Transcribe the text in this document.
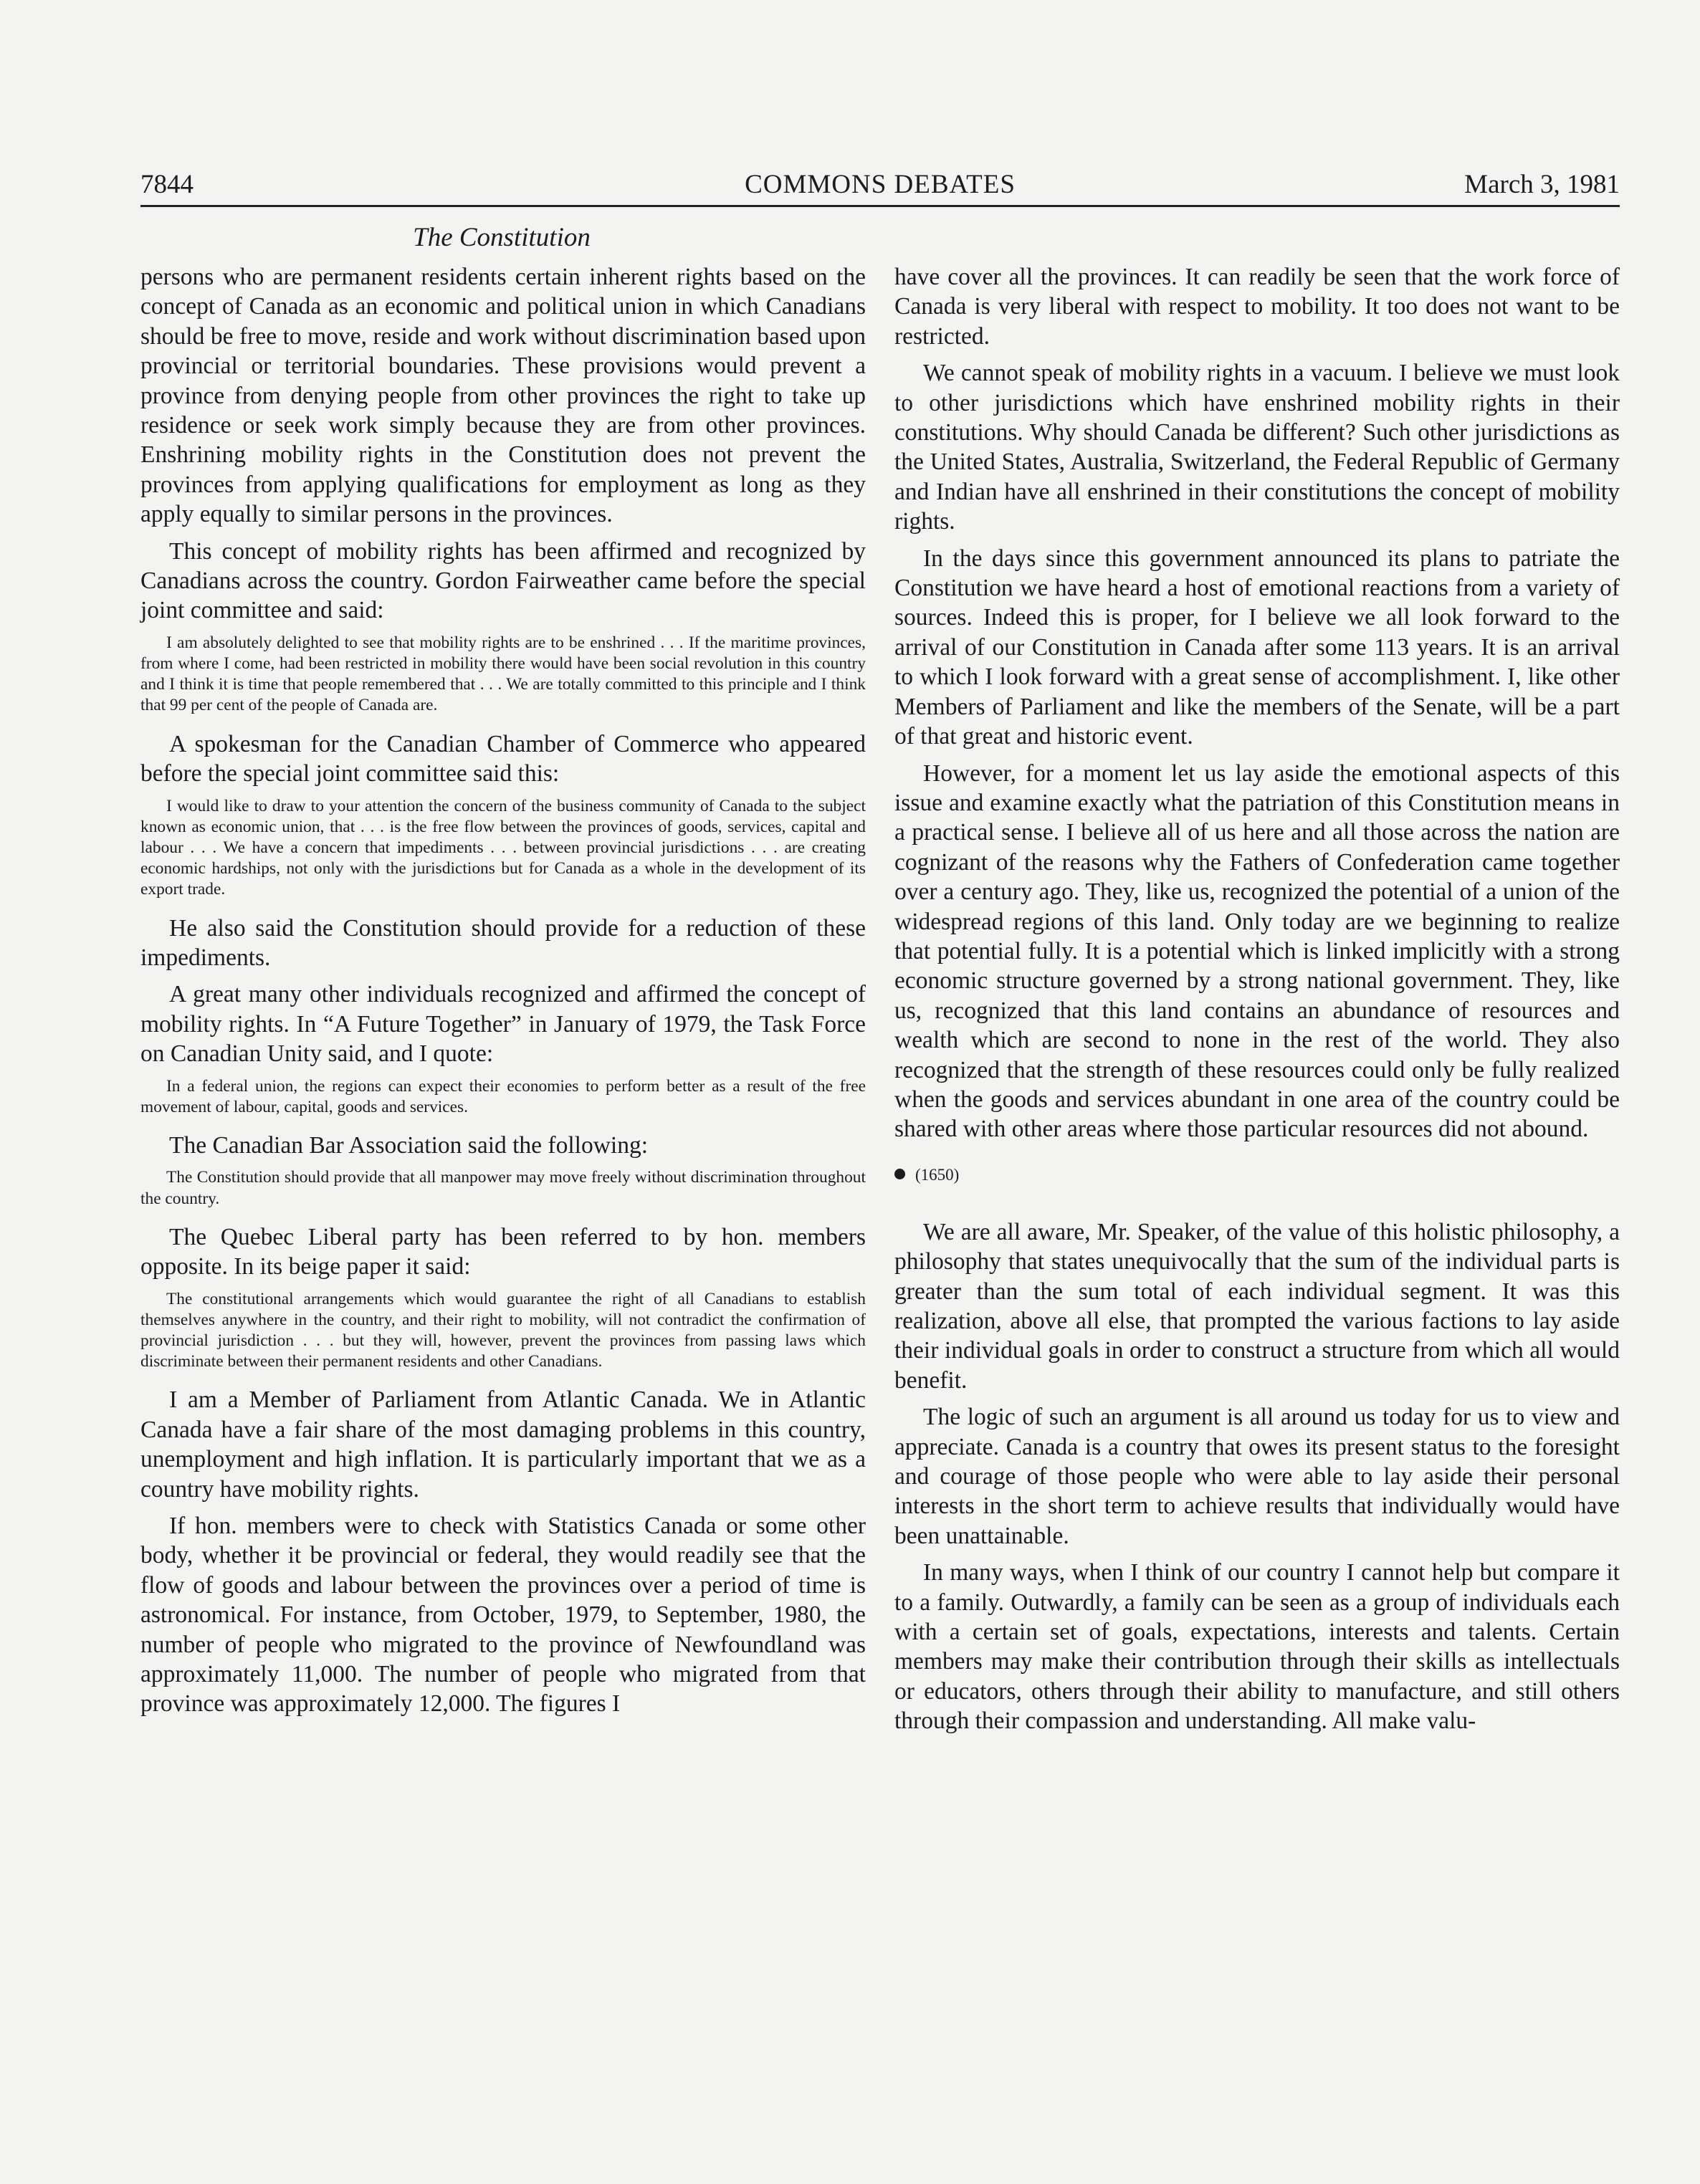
7844	COMMONS DEBATES	March 3, 1981
The Constitution

persons who are permanent residents certain inherent rights based on the concept of Canada as an economic and political union in which Canadians should be free to move, reside and work without discrimination based upon provincial or territorial boundaries. These provisions would prevent a province from denying people from other provinces the right to take up residence or seek work simply because they are from other provinces. Enshrining mobility rights in the Constitution does not prevent the provinces from applying qualifications for employment as long as they apply equally to similar persons in the provinces.

This concept of mobility rights has been affirmed and recognized by Canadians across the country. Gordon Fairweather came before the special joint committee and said:

I am absolutely delighted to see that mobility rights are to be enshrined . . . If the maritime provinces, from where I come, had been restricted in mobility there would have been social revolution in this country and I think it is time that people remembered that . . . We are totally committed to this principle and I think that 99 per cent of the people of Canada are.

A spokesman for the Canadian Chamber of Commerce who appeared before the special joint committee said this:

I would like to draw to your attention the concern of the business community of Canada to the subject known as economic union, that . . . is the free flow between the provinces of goods, services, capital and labour . . . We have a concern that impediments . . . between provincial jurisdictions . . . are creating economic hardships, not only with the jurisdictions but for Canada as a whole in the development of its export trade.

He also said the Constitution should provide for a reduction of these impediments.

A great many other individuals recognized and affirmed the concept of mobility rights. In “A Future Together” in January of 1979, the Task Force on Canadian Unity said, and I quote:

In a federal union, the regions can expect their economies to perform better as a result of the free movement of labour, capital, goods and services.

The Canadian Bar Association said the following:

The Constitution should provide that all manpower may move freely without discrimination throughout the country.

The Quebec Liberal party has been referred to by hon. members opposite. In its beige paper it said:

The constitutional arrangements which would guarantee the right of all Canadians to establish themselves anywhere in the country, and their right to mobility, will not contradict the confirmation of provincial jurisdiction . . . but they will, however, prevent the provinces from passing laws which discriminate between their permanent residents and other Canadians.

I am a Member of Parliament from Atlantic Canada. We in Atlantic Canada have a fair share of the most damaging problems in this country, unemployment and high inflation. It is particularly important that we as a country have mobility rights.

If hon. members were to check with Statistics Canada or some other body, whether it be provincial or federal, they would readily see that the flow of goods and labour between the provinces over a period of time is astronomical. For instance, from October, 1979, to September, 1980, the number of people who migrated to the province of Newfoundland was approximately 11,000. The number of people who migrated from that province was approximately 12,000. The figures I

have cover all the provinces. It can readily be seen that the work force of Canada is very liberal with respect to mobility. It too does not want to be restricted.

We cannot speak of mobility rights in a vacuum. I believe we must look to other jurisdictions which have enshrined mobility rights in their constitutions. Why should Canada be different? Such other jurisdictions as the United States, Australia, Switzerland, the Federal Republic of Germany and Indian have all enshrined in their constitutions the concept of mobility rights.

In the days since this government announced its plans to patriate the Constitution we have heard a host of emotional reactions from a variety of sources. Indeed this is proper, for I believe we all look forward to the arrival of our Constitution in Canada after some 113 years. It is an arrival to which I look forward with a great sense of accomplishment. I, like other Members of Parliament and like the members of the Senate, will be a part of that great and historic event.

However, for a moment let us lay aside the emotional aspects of this issue and examine exactly what the patriation of this Constitution means in a practical sense. I believe all of us here and all those across the nation are cognizant of the reasons why the Fathers of Confederation came together over a century ago. They, like us, recognized the potential of a union of the widespread regions of this land. Only today are we beginning to realize that potential fully. It is a potential which is linked implicitly with a strong economic structure governed by a strong national government. They, like us, recognized that this land contains an abundance of resources and wealth which are second to none in the rest of the world. They also recognized that the strength of these resources could only be fully realized when the goods and services abundant in one area of the country could be shared with other areas where those particular resources did not abound.

(1650)

We are all aware, Mr. Speaker, of the value of this holistic philosophy, a philosophy that states unequivocally that the sum of the individual parts is greater than the sum total of each individual segment. It was this realization, above all else, that prompted the various factions to lay aside their individual goals in order to construct a structure from which all would benefit.

The logic of such an argument is all around us today for us to view and appreciate. Canada is a country that owes its present status to the foresight and courage of those people who were able to lay aside their personal interests in the short term to achieve results that individually would have been unattainable.

In many ways, when I think of our country I cannot help but compare it to a family. Outwardly, a family can be seen as a group of individuals each with a certain set of goals, expectations, interests and talents. Certain members may make their contribution through their skills as intellectuals or educators, others through their ability to manufacture, and still others through their compassion and understanding. All make valu-
